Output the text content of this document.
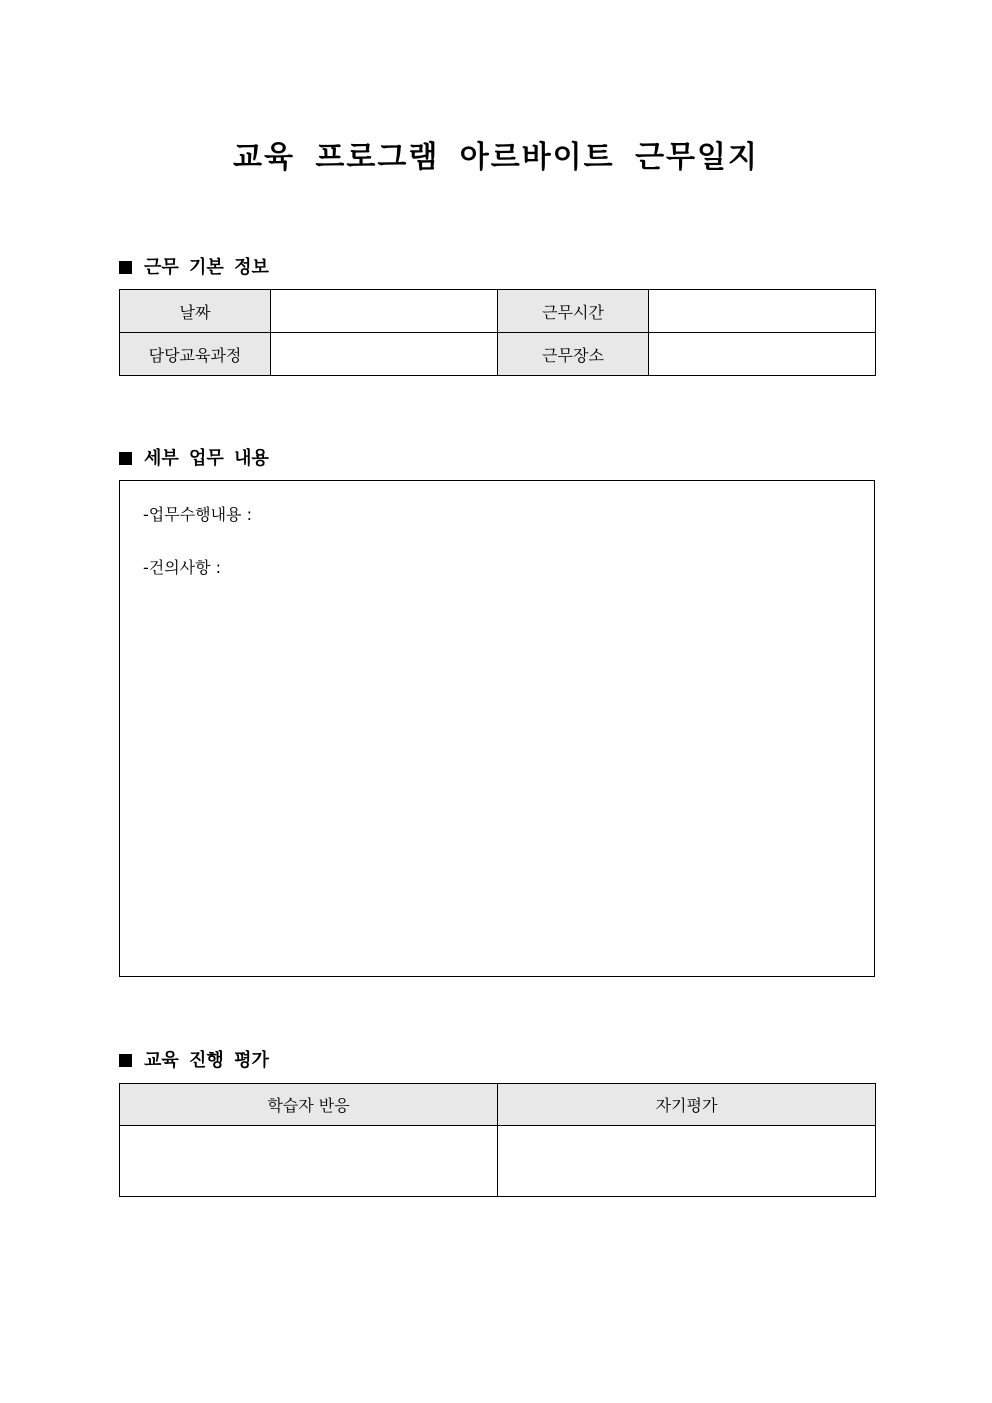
교육 프로그램 아르바이트 근무일지
근무 기본 정보
날짜		근무시간	
담당교육과정		근무장소	
세부 업무 내용

-업무수행내용 :

-건의사항 :

교육 진행 평가
학습자 반응	자기평가
